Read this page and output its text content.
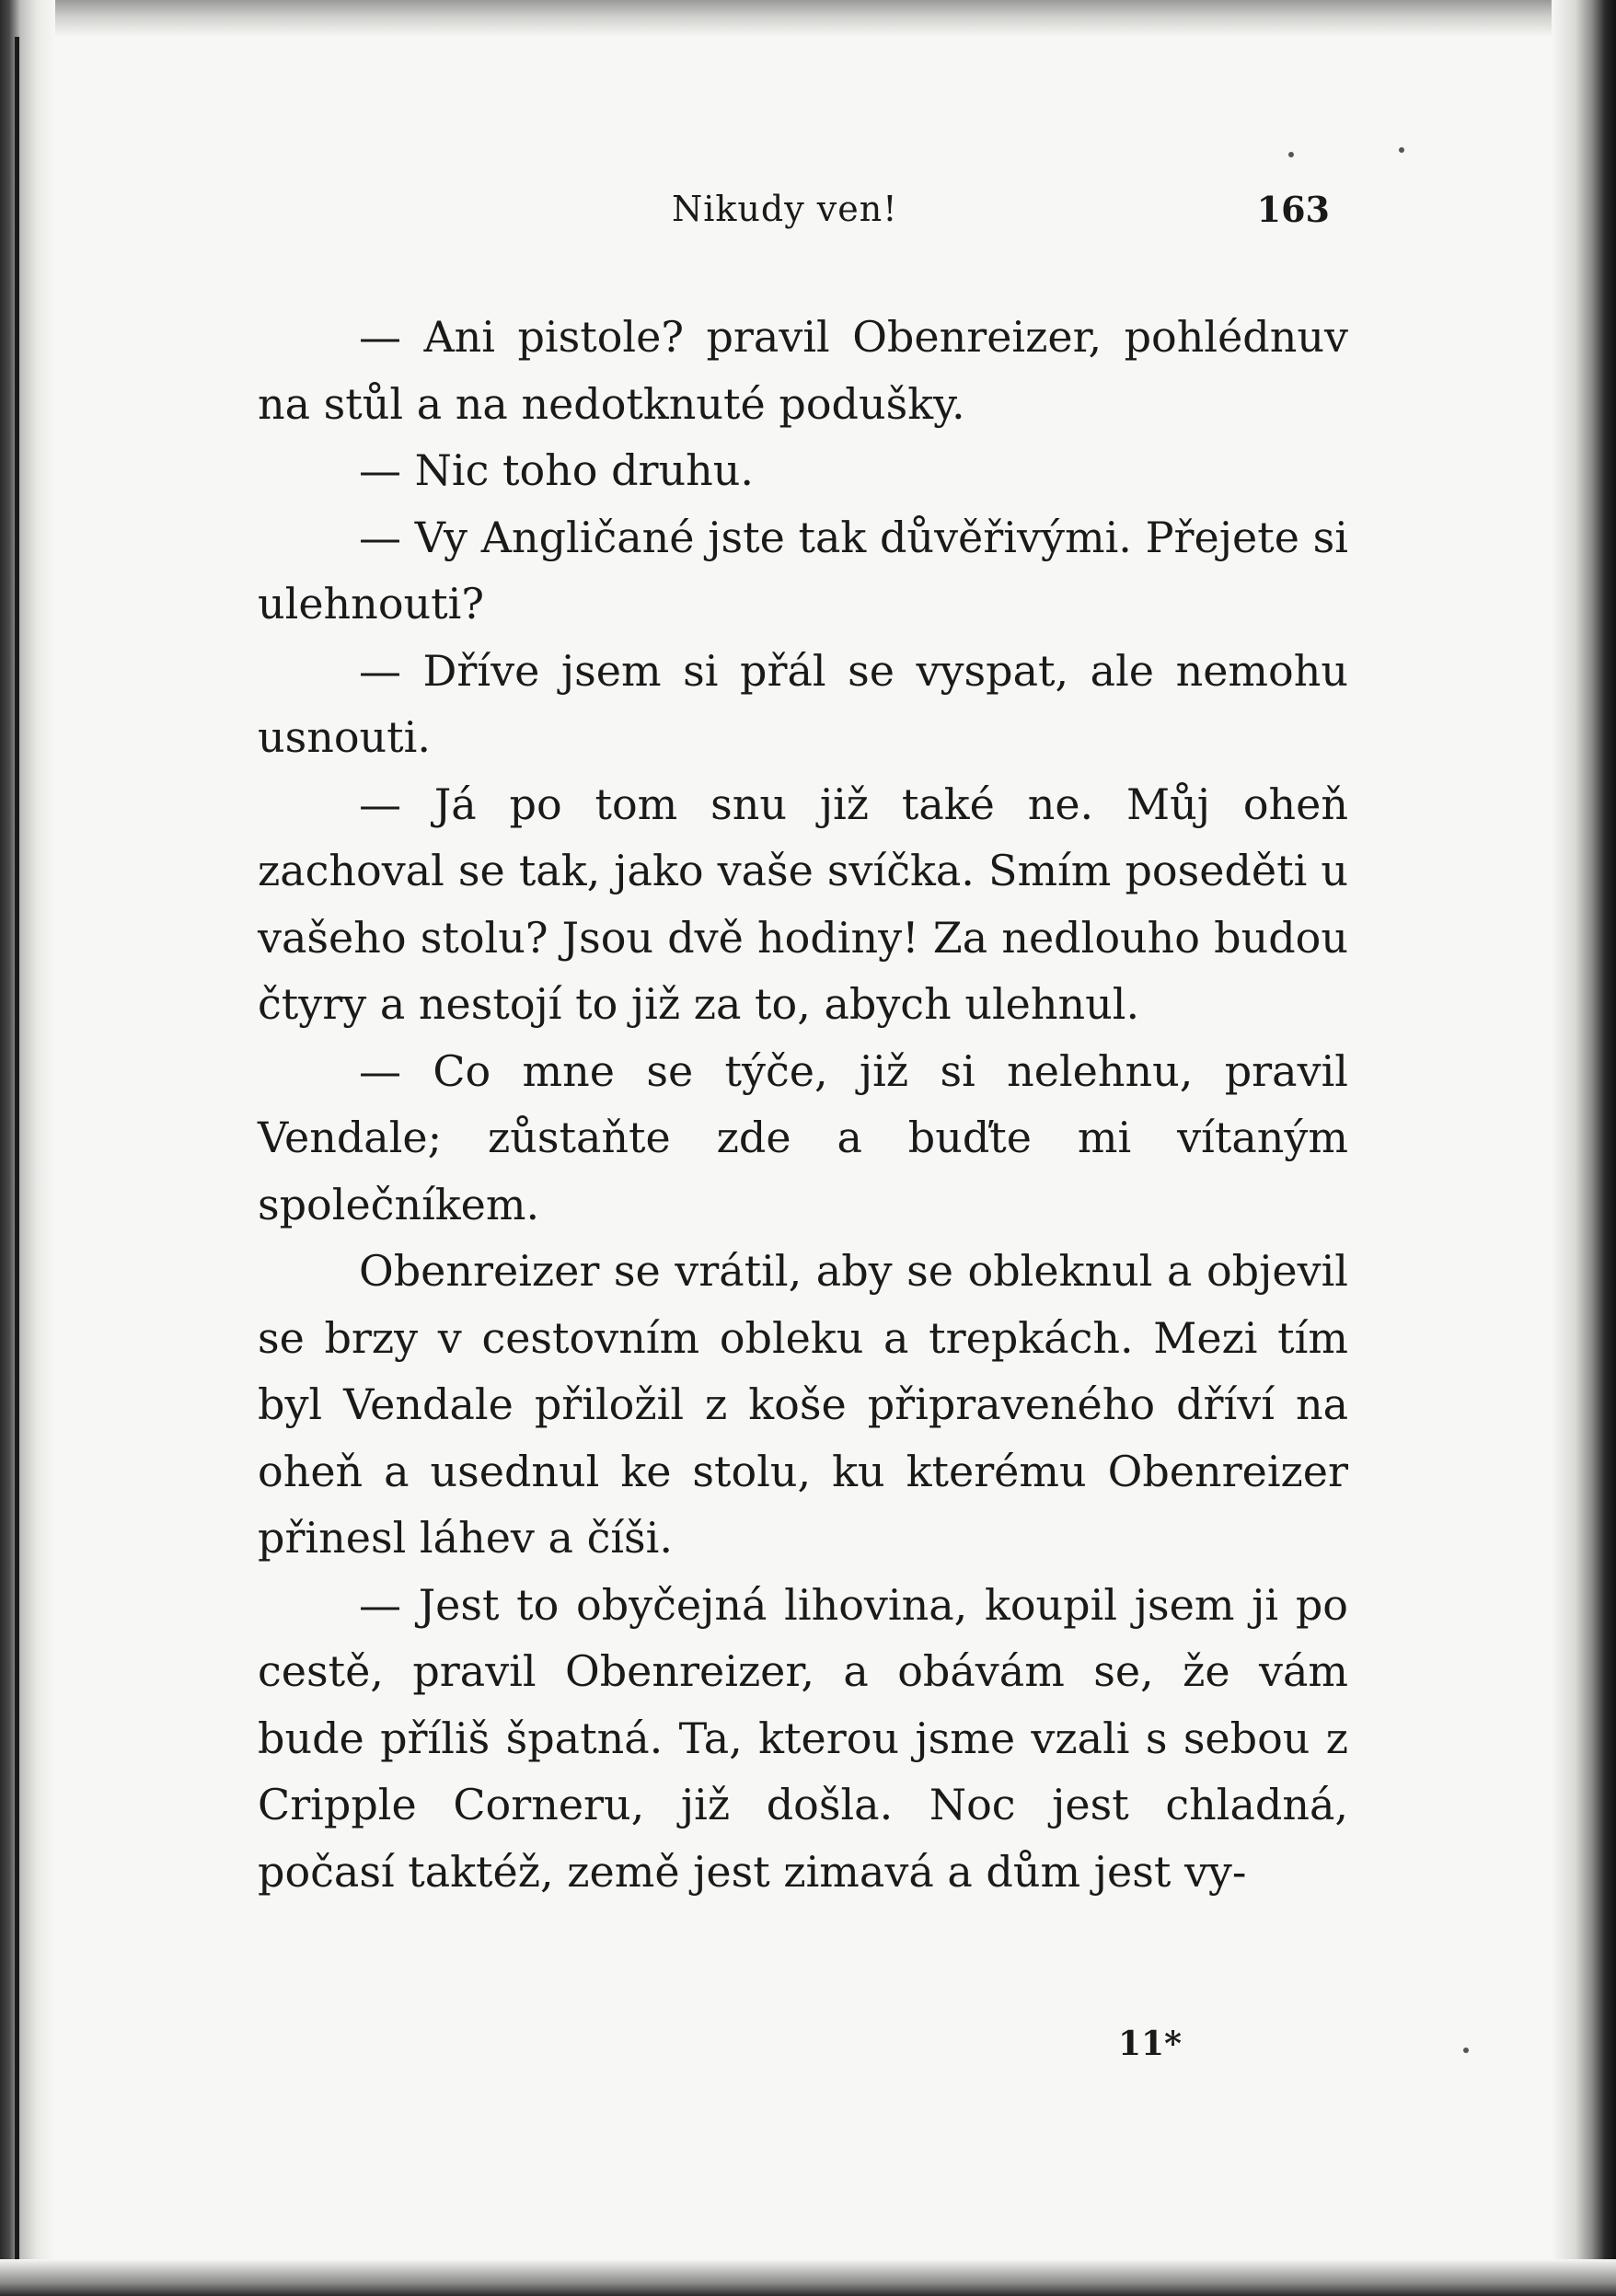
Nikudy ven!	163

— Ani pistole? pravil Obenreizer, pohlédnuv na stůl a na nedotknuté podušky.

— Nic toho druhu.

— Vy Angličané jste tak důvěřivými. Přejete si ulehnouti?

— Dříve jsem si přál se vyspat, ale nemohu usnouti.

— Já po tom snu již také ne. Můj oheň zachoval se tak, jako vaše svíčka. Smím poseděti u vašeho stolu? Jsou dvě hodiny! Za nedlouho budou čtyry a nestojí to již za to, abych ulehnul.

— Co mne se týče, již si nelehnu, pravil Vendale; zůstaňte zde a buďte mi vítaným společníkem.

Obenreizer se vrátil, aby se obleknul a objevil se brzy v cestovním obleku a trepkách. Mezi tím byl Vendale přiložil z koše připraveného dříví na oheň a usednul ke stolu, ku kterému Obenreizer přinesl láhev a číši.

— Jest to obyčejná lihovina, koupil jsem ji po cestě, pravil Obenreizer, a obávám se, že vám bude příliš špatná. Ta, kterou jsme vzali s sebou z Cripple Corneru, již došla. Noc jest chladná, počasí taktéž, země jest zimavá a dům jest vy-

11*
